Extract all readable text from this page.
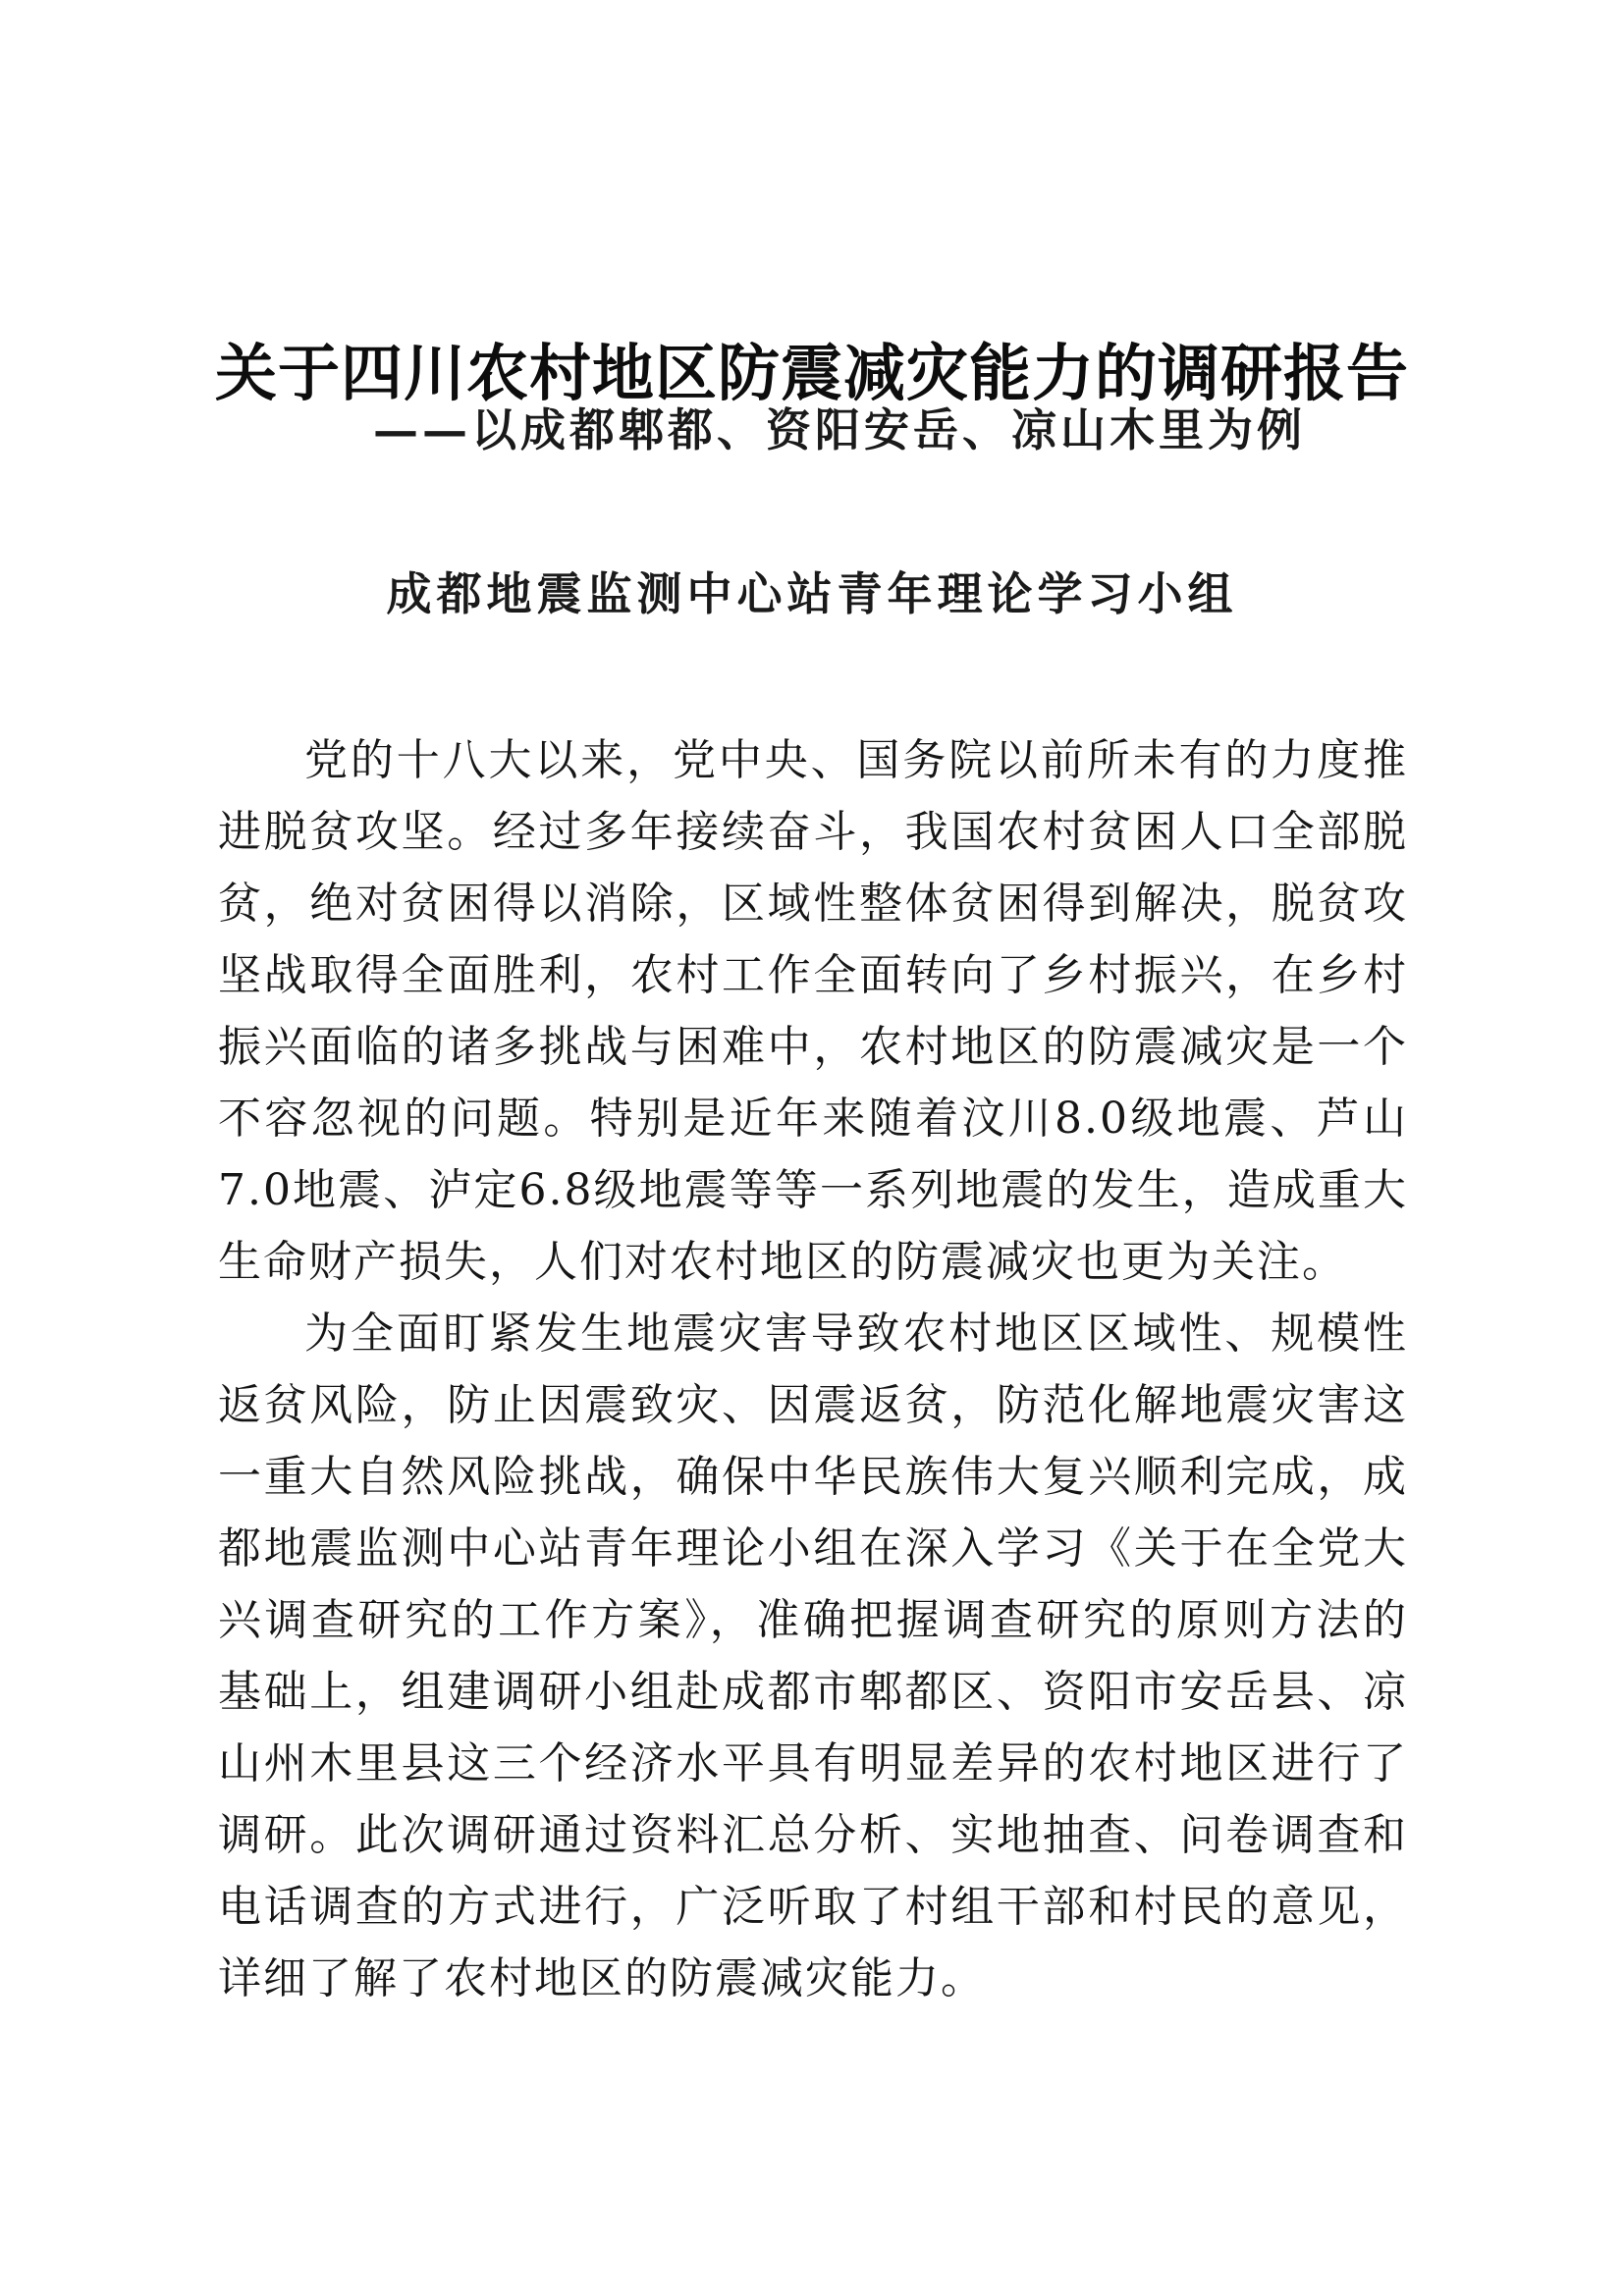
关于四川农村地区防震减灾能力的调研报告
——以成都郫都、资阳安岳、凉山木里为例
成都地震监测中心站青年理论学习小组

党的十八大以来，党中央、国务院以前所未有的力度推进脱贫攻坚。经过多年接续奋斗，我国农村贫困人口全部脱贫，绝对贫困得以消除，区域性整体贫困得到解决，脱贫攻坚战取得全面胜利，农村工作全面转向了乡村振兴，在乡村振兴面临的诸多挑战与困难中，农村地区的防震减灾是一个不容忽视的问题。特别是近年来随着汶川8.0级地震、芦山7.0地震、泸定6.8级地震等等一系列地震的发生，造成重大生命财产损失，人们对农村地区的防震减灾也更为关注。

为全面盯紧发生地震灾害导致农村地区区域性、规模性返贫风险，防止因震致灾、因震返贫，防范化解地震灾害这一重大自然风险挑战，确保中华民族伟大复兴顺利完成，成都地震监测中心站青年理论小组在深入学习《关于在全党大兴调查研究的工作方案》，准确把握调查研究的原则方法的基础上，组建调研小组赴成都市郫都区、资阳市安岳县、凉山州木里县这三个经济水平具有明显差异的农村地区进行了调研。此次调研通过资料汇总分析、实地抽查、问卷调查和电话调查的方式进行，广泛听取了村组干部和村民的意见，详细了解了农村地区的防震减灾能力。
